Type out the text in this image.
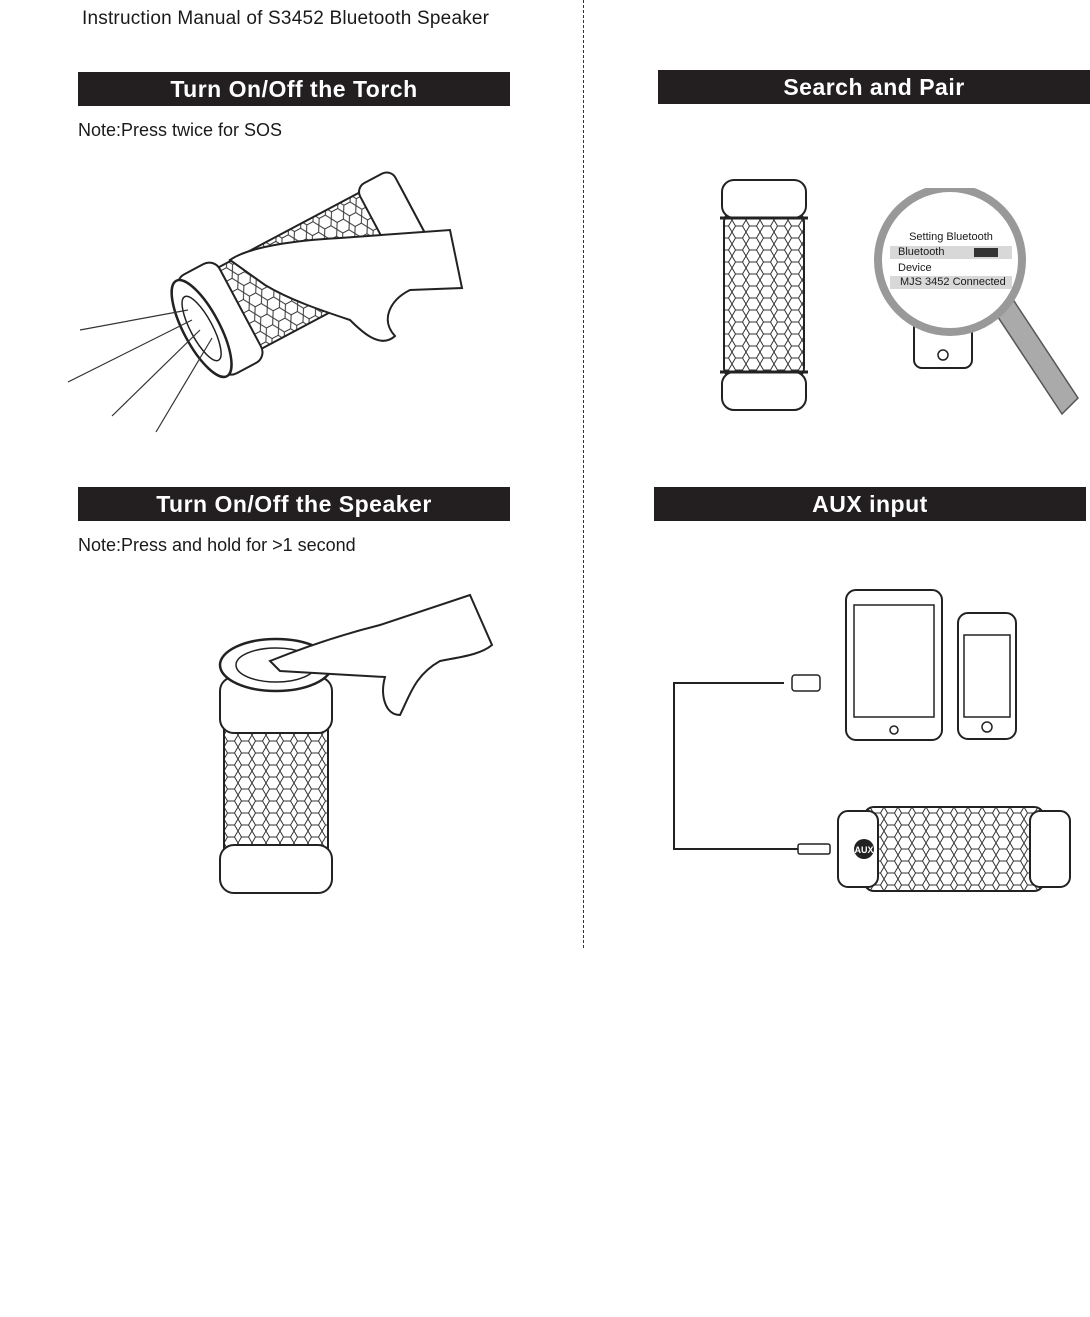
Instruction Manual of S3452 Bluetooth Speaker
Turn On/Off the Torch
Note:Press twice for SOS
Turn On/Off the Speaker
Note:Press and hold for >1 second
Search and Pair
Setting Bluetooth
Bluetooth
Device
MJS 3452 Connected
AUX input
AUX
